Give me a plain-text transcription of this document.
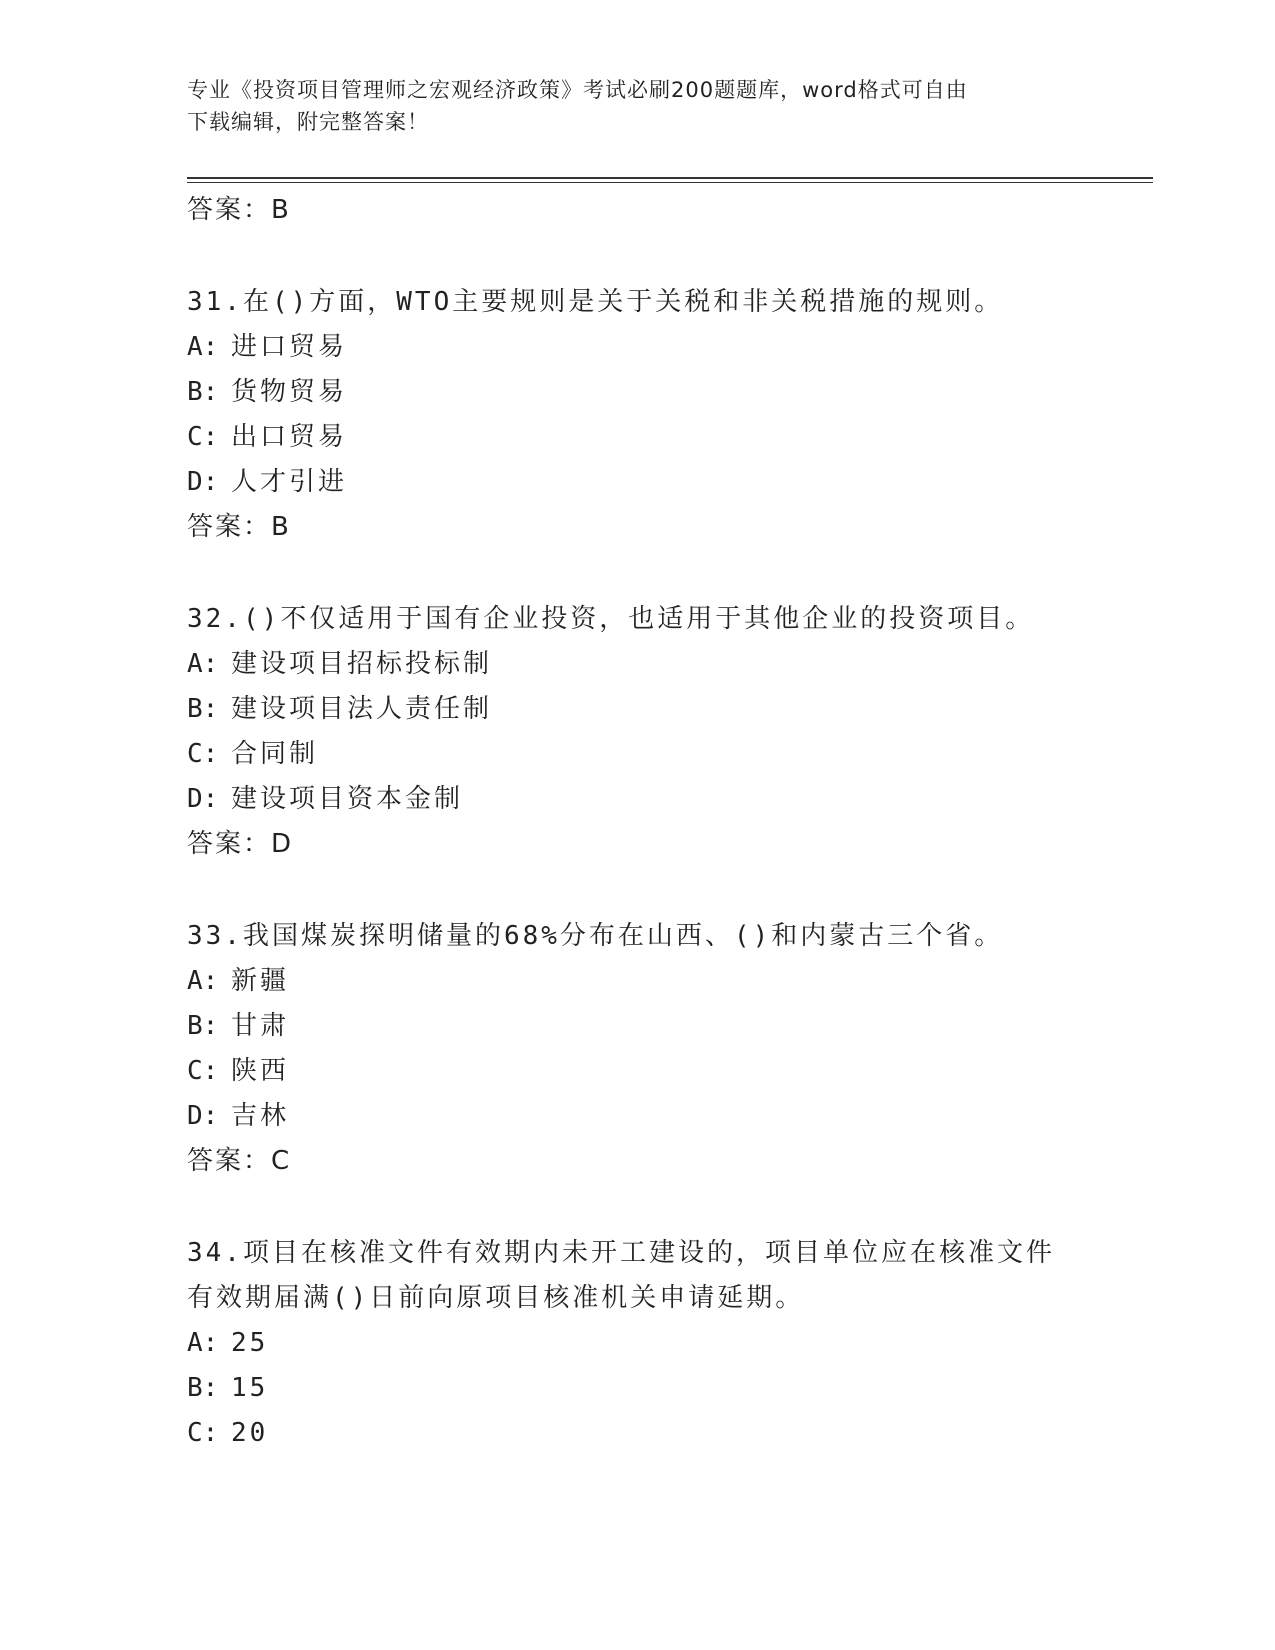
专业《投资项目管理师之宏观经济政策》考试必刷200题题库，word格式可自由
下载编辑，附完整答案！
答案：B
31.在()方面，WTO主要规则是关于关税和非关税措施的规则。
A: 进口贸易
B: 货物贸易
C: 出口贸易
D: 人才引进
答案：B
32.()不仅适用于国有企业投资，也适用于其他企业的投资项目。
A: 建设项目招标投标制
B: 建设项目法人责任制
C: 合同制
D: 建设项目资本金制
答案：D
33.我国煤炭探明储量的68%分布在山西、()和内蒙古三个省。
A: 新疆
B: 甘肃
C: 陕西
D: 吉林
答案：C
34.项目在核准文件有效期内未开工建设的，项目单位应在核准文件有效期届满()日前向原项目核准机关申请延期。
A: 25
B: 15
C: 20
